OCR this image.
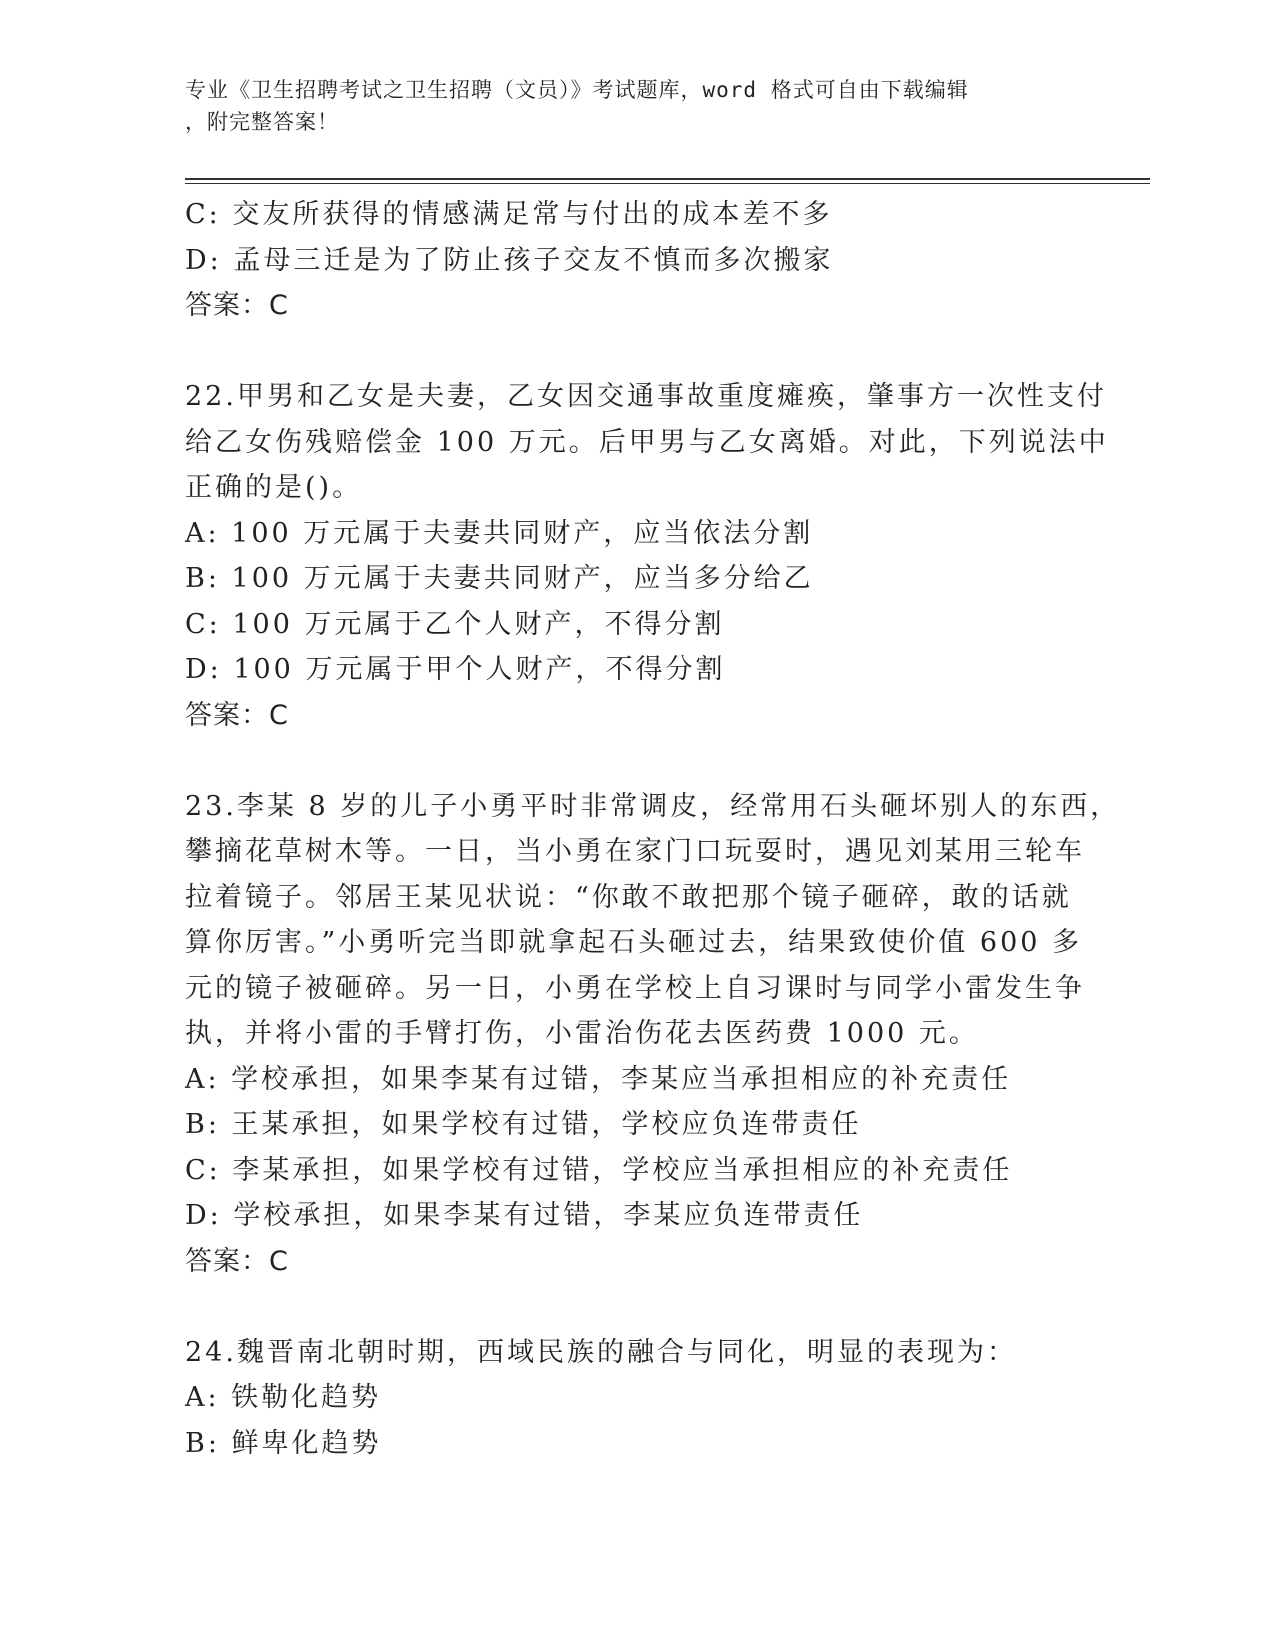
专业《卫生招聘考试之卫生招聘（文员）》考试题库，word 格式可自由下载编辑
，附完整答案！
C: 交友所获得的情感满足常与付出的成本差不多
D: 孟母三迁是为了防止孩子交友不慎而多次搬家
答案：C
22.甲男和乙女是夫妻，乙女因交通事故重度瘫痪，肇事方一次性支付
给乙女伤残赔偿金 100 万元。后甲男与乙女离婚。对此，下列说法中
正确的是()。
A: 100 万元属于夫妻共同财产，应当依法分割
B: 100 万元属于夫妻共同财产，应当多分给乙
C: 100 万元属于乙个人财产，不得分割
D: 100 万元属于甲个人财产，不得分割
答案：C
23.李某 8 岁的儿子小勇平时非常调皮，经常用石头砸坏别人的东西，
攀摘花草树木等。一日，当小勇在家门口玩耍时，遇见刘某用三轮车
拉着镜子。邻居王某见状说：“你敢不敢把那个镜子砸碎，敢的话就
算你厉害。”小勇听完当即就拿起石头砸过去，结果致使价值 600 多
元的镜子被砸碎。另一日，小勇在学校上自习课时与同学小雷发生争
执，并将小雷的手臂打伤，小雷治伤花去医药费 1000 元。
A: 学校承担，如果李某有过错，李某应当承担相应的补充责任
B: 王某承担，如果学校有过错，学校应负连带责任
C: 李某承担，如果学校有过错，学校应当承担相应的补充责任
D: 学校承担，如果李某有过错，李某应负连带责任
答案：C
24.魏晋南北朝时期，西域民族的融合与同化，明显的表现为：
A: 铁勒化趋势
B: 鲜卑化趋势
